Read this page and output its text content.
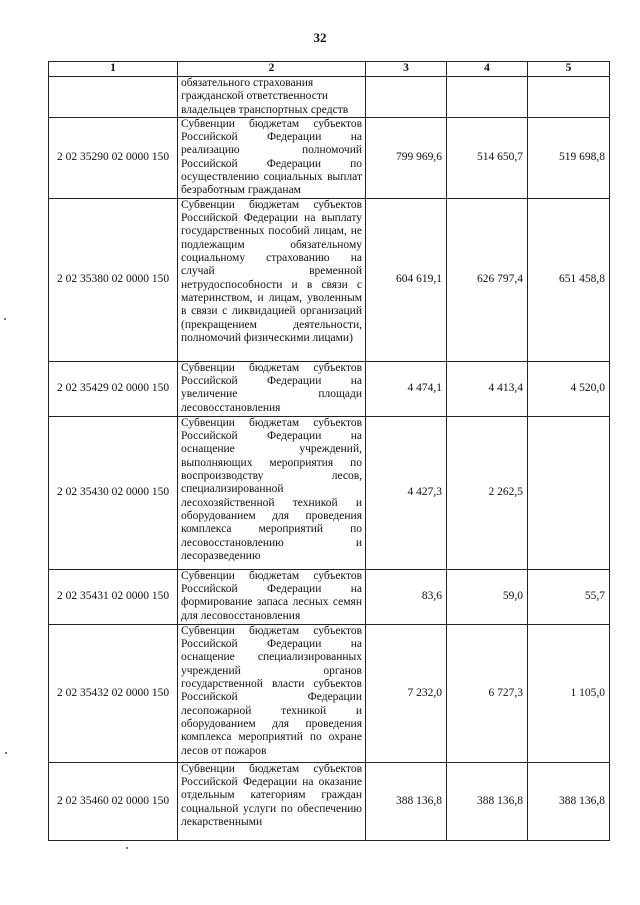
32
1	2	3	4	5
	обязательного страхования гражданской ответственности владельцев транспортных средств			
2 02 35290 02 0000 150	Субвенции бюджетам субъектов Российской Федерации на реализацию полномочий Российской Федерации по осуществлению социальных выплат безработным гражданам	799 969,6	514 650,7	519 698,8
2 02 35380 02 0000 150	Субвенции бюджетам субъектов Российской Федерации на выплату государственных пособий лицам, не подлежащим обязательному социальному страхованию на случай временной нетрудоспособности и в связи с материнством, и лицам, уволенным в связи с ликвидацией организаций (прекращением деятельности, полномочий физическими лицами)	604 619,1	626 797,4	651 458,8
2 02 35429 02 0000 150	Субвенции бюджетам субъектов Российской Федерации на увеличение площади лесовосстановления	4 474,1	4 413,4	4 520,0
2 02 35430 02 0000 150	Субвенции бюджетам субъектов Российской Федерации на оснащение учреждений, выполняющих мероприятия по воспроизводству лесов, специализированной лесохозяйственной техникой и оборудованием для проведения комплекса мероприятий по лесовосстановлению и лесоразведению	4 427,3	2 262,5	
2 02 35431 02 0000 150	Субвенции бюджетам субъектов Российской Федерации на формирование запаса лесных семян для лесовосстановления	83,6	59,0	55,7
2 02 35432 02 0000 150	Субвенции бюджетам субъектов Российской Федерации на оснащение специализированных учреждений органов государственной власти субъектов Российской Федерации лесопожарной техникой и оборудованием для проведения комплекса мероприятий по охране лесов от пожаров	7 232,0	6 727,3	1 105,0
2 02 35460 02 0000 150	Субвенции бюджетам субъектов Российской Федерации на оказание отдельным категориям граждан социальной услуги по обеспечению лекарственными	388 136,8	388 136,8	388 136,8
